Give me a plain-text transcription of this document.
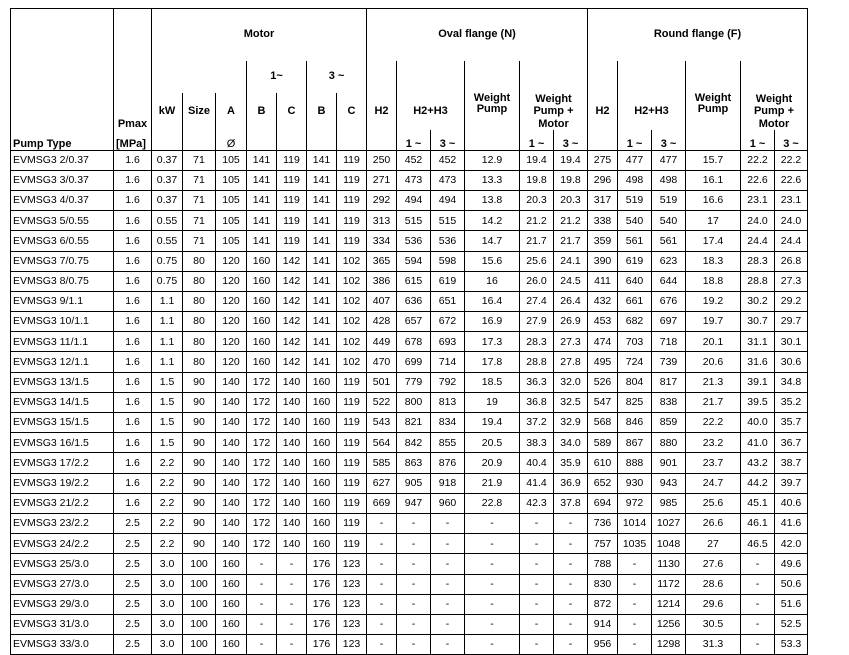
		Motor							Oval flange (N)						Round flange (F)					
					1~		3 ~													
	Pmax	kW	Size	A	B	C	B	C	H2	H2+H3		Weight Pump	Weight Pump + Motor		H2	H2+H3		Weight Pump	Weight Pump + Motor	
Pump Type	[MPa]			Ø						1 ~	3 ~		1 ~	3 ~		1 ~	3 ~		1 ~	3 ~
EVMSG3 2/0.37	1.6	0.37	71	105	141	119	141	119	250	452	452	12.9	19.4	19.4	275	477	477	15.7	22.2	22.2
EVMSG3 3/0.37	1.6	0.37	71	105	141	119	141	119	271	473	473	13.3	19.8	19.8	296	498	498	16.1	22.6	22.6
EVMSG3 4/0.37	1.6	0.37	71	105	141	119	141	119	292	494	494	13.8	20.3	20.3	317	519	519	16.6	23.1	23.1
EVMSG3 5/0.55	1.6	0.55	71	105	141	119	141	119	313	515	515	14.2	21.2	21.2	338	540	540	17	24.0	24.0
EVMSG3 6/0.55	1.6	0.55	71	105	141	119	141	119	334	536	536	14.7	21.7	21.7	359	561	561	17.4	24.4	24.4
EVMSG3 7/0.75	1.6	0.75	80	120	160	142	141	102	365	594	598	15.6	25.6	24.1	390	619	623	18.3	28.3	26.8
EVMSG3 8/0.75	1.6	0.75	80	120	160	142	141	102	386	615	619	16	26.0	24.5	411	640	644	18.8	28.8	27.3
EVMSG3 9/1.1	1.6	1.1	80	120	160	142	141	102	407	636	651	16.4	27.4	26.4	432	661	676	19.2	30.2	29.2
EVMSG3 10/1.1	1.6	1.1	80	120	160	142	141	102	428	657	672	16.9	27.9	26.9	453	682	697	19.7	30.7	29.7
EVMSG3 11/1.1	1.6	1.1	80	120	160	142	141	102	449	678	693	17.3	28.3	27.3	474	703	718	20.1	31.1	30.1
EVMSG3 12/1.1	1.6	1.1	80	120	160	142	141	102	470	699	714	17.8	28.8	27.8	495	724	739	20.6	31.6	30.6
EVMSG3 13/1.5	1.6	1.5	90	140	172	140	160	119	501	779	792	18.5	36.3	32.0	526	804	817	21.3	39.1	34.8
EVMSG3 14/1.5	1.6	1.5	90	140	172	140	160	119	522	800	813	19	36.8	32.5	547	825	838	21.7	39.5	35.2
EVMSG3 15/1.5	1.6	1.5	90	140	172	140	160	119	543	821	834	19.4	37.2	32.9	568	846	859	22.2	40.0	35.7
EVMSG3 16/1.5	1.6	1.5	90	140	172	140	160	119	564	842	855	20.5	38.3	34.0	589	867	880	23.2	41.0	36.7
EVMSG3 17/2.2	1.6	2.2	90	140	172	140	160	119	585	863	876	20.9	40.4	35.9	610	888	901	23.7	43.2	38.7
EVMSG3 19/2.2	1.6	2.2	90	140	172	140	160	119	627	905	918	21.9	41.4	36.9	652	930	943	24.7	44.2	39.7
EVMSG3 21/2.2	1.6	2.2	90	140	172	140	160	119	669	947	960	22.8	42.3	37.8	694	972	985	25.6	45.1	40.6
EVMSG3 23/2.2	2.5	2.2	90	140	172	140	160	119	-	-	-	-	-	-	736	1014	1027	26.6	46.1	41.6
EVMSG3 24/2.2	2.5	2.2	90	140	172	140	160	119	-	-	-	-	-	-	757	1035	1048	27	46.5	42.0
EVMSG3 25/3.0	2.5	3.0	100	160	-	-	176	123	-	-	-	-	-	-	788	-	1130	27.6	-	49.6
EVMSG3 27/3.0	2.5	3.0	100	160	-	-	176	123	-	-	-	-	-	-	830	-	1172	28.6	-	50.6
EVMSG3 29/3.0	2.5	3.0	100	160	-	-	176	123	-	-	-	-	-	-	872	-	1214	29.6	-	51.6
EVMSG3 31/3.0	2.5	3.0	100	160	-	-	176	123	-	-	-	-	-	-	914	-	1256	30.5	-	52.5
EVMSG3 33/3.0	2.5	3.0	100	160	-	-	176	123	-	-	-	-	-	-	956	-	1298	31.3	-	53.3
